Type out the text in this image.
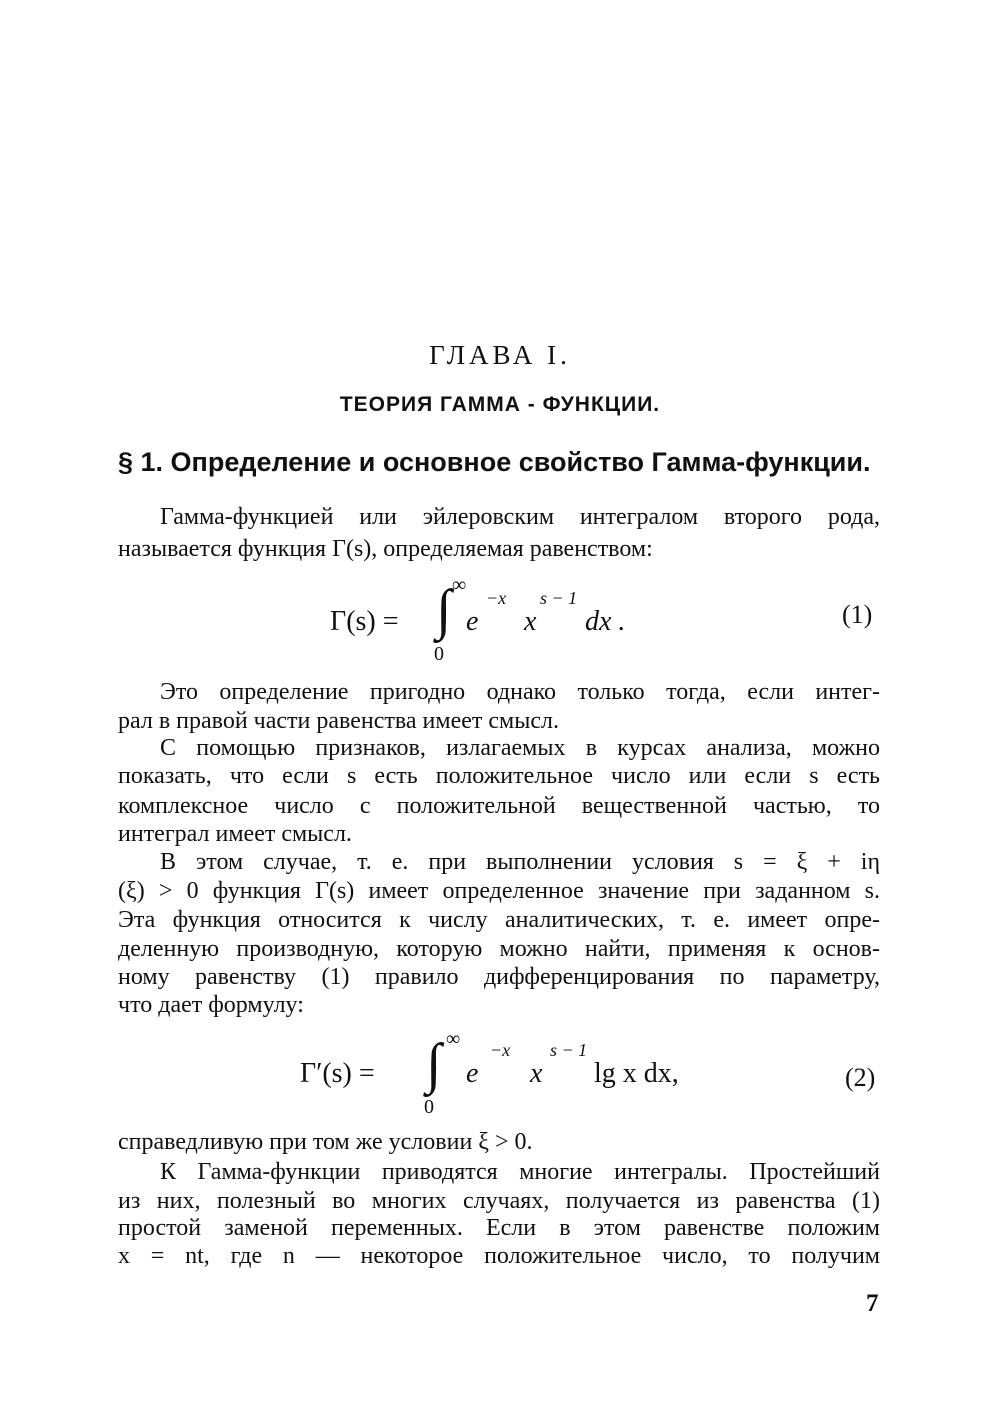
ГЛАВА I.
ТЕОРИЯ ГАММА - ФУНКЦИИ.
§ 1. Определение и основное свойство Гамма-функции.
Гамма-функцией или эйлеровским интегралом второго рода,
называется функция Γ(s), определяемая равенством:
Γ(s) = ∫ ∞
0
e
−x
x
s − 1
dx .	(1)
Это определение пригодно однако только тогда, если интег-
рал в правой части равенства имеет смысл.
С помощью признаков, излагаемых в курсах анализа, можно
показать, что если s есть положительное число или если s есть
комплексное число с положительной вещественной частью, то
интеграл имеет смысл.
В этом случае, т. е. при выполнении условия s = ξ + iη
(ξ) > 0 функция Γ(s) имеет определенное значение при заданном s.
Эта функция относится к числу аналитических, т. е. имеет опре-
деленную производную, которую можно найти, применяя к основ-
ному равенству (1) правило дифференцирования по параметру,
что дает формулу:
Γ′(s) = ∫ ∞
0
e
−x
x
s − 1
lg x dx,	(2)
справедливую при том же условии ξ > 0.
К Гамма-функции приводятся многие интегралы. Простейший
из них, полезный во многих случаях, получается из равенства (1)
простой заменой переменных. Если в этом равенстве положим
x = nt, где n — некоторое положительное число, то получим
7
